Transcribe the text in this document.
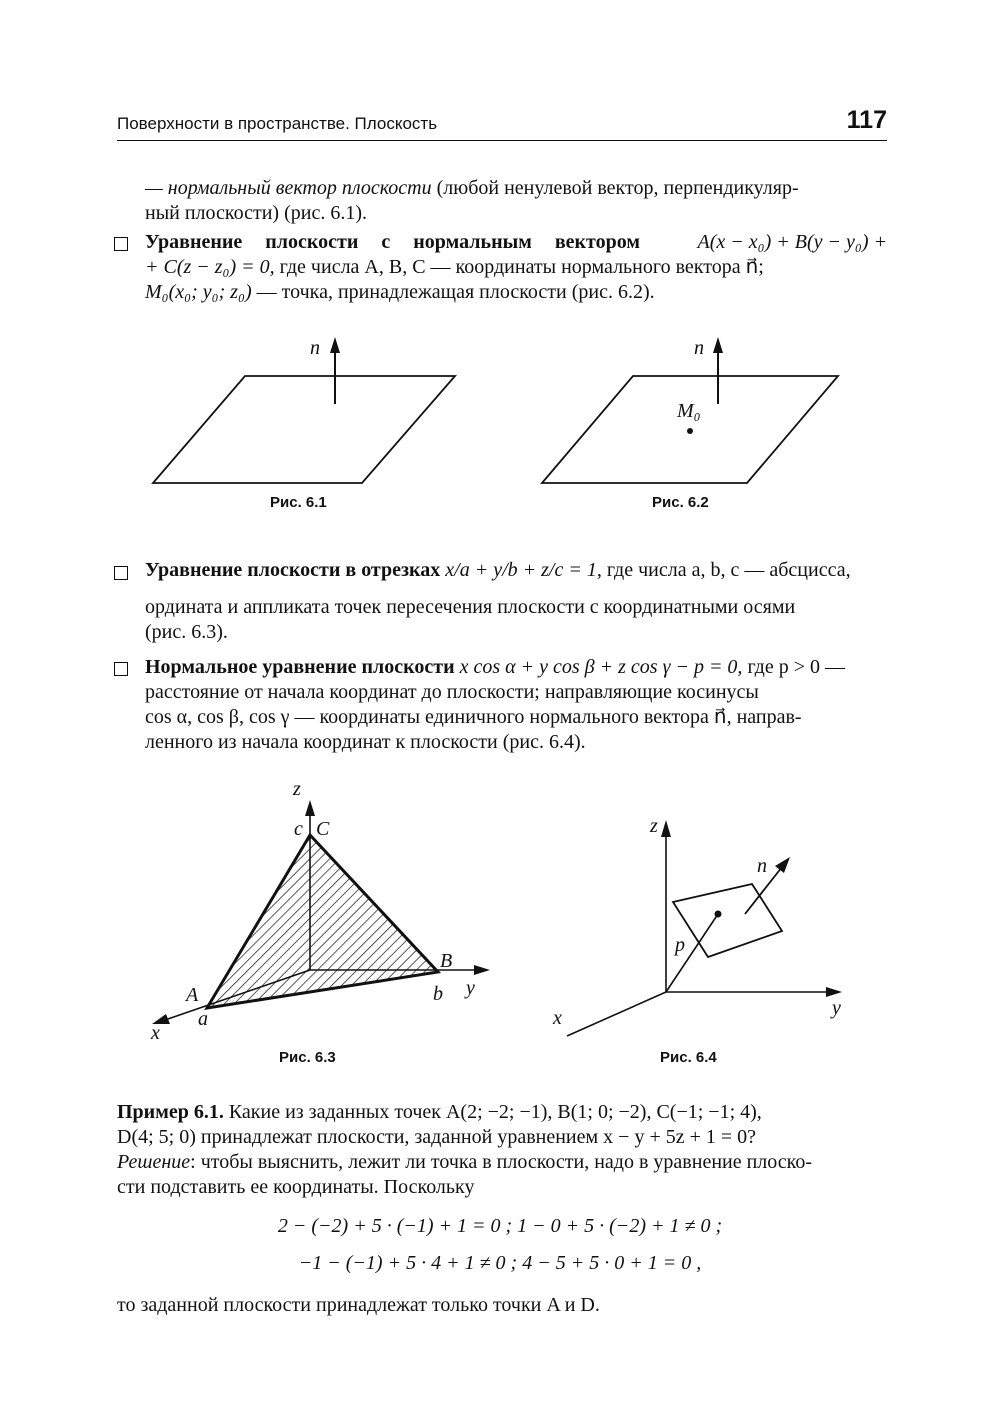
Поверхности в пространстве. Плоскость	117
— нормальный вектор плоскости (любой ненулевой вектор, перпендикуляр-
ный плоскости) (рис. 6.1).
Уравнение плоскости с нормальным вектором	A(x − x₀) + B(y − y₀) +
+ C(z − z₀) = 0, где числа A, B, C — координаты нормального вектора n⃗;
M₀(x₀; y₀; z₀) — точка, принадлежащая плоскости (рис. 6.2).
n⃗	n⃗
M₀
z
c C
A
a
x
B
b y
z
n⃗
p
x	y
Рис. 6.1	Рис. 6.2
Уравнение плоскости в отрезках x/a + y/b + z/c = 1, где числа a, b, c — абсцисса,
ордината и аппликата точек пересечения плоскости с координатными осями
(рис. 6.3).
Нормальное уравнение плоскости x cos α + y cos β + z cos γ − p = 0, где p > 0 —
расстояние от начала координат до плоскости; направляющие косинусы
cos α, cos β, cos γ — координаты единичного нормального вектора n⃗, направ-
ленного из начала координат к плоскости (рис. 6.4).
Рис. 6.3	Рис. 6.4
Пример 6.1. Какие из заданных точек A(2; −2; −1), B(1; 0; −2), C(−1; −1; 4),
D(4; 5; 0) принадлежат плоскости, заданной уравнением x − y + 5z + 1 = 0?
Решение: чтобы выяснить, лежит ли точка в плоскости, надо в уравнение плоско-
сти подставить ее координаты. Поскольку
2 − (−2) + 5 · (−1) + 1 = 0 ; 1 − 0 + 5 · (−2) + 1 ≠ 0 ;
−1 − (−1) + 5 · 4 + 1 ≠ 0 ; 4 − 5 + 5 · 0 + 1 = 0 ,
то заданной плоскости принадлежат только точки A и D.
